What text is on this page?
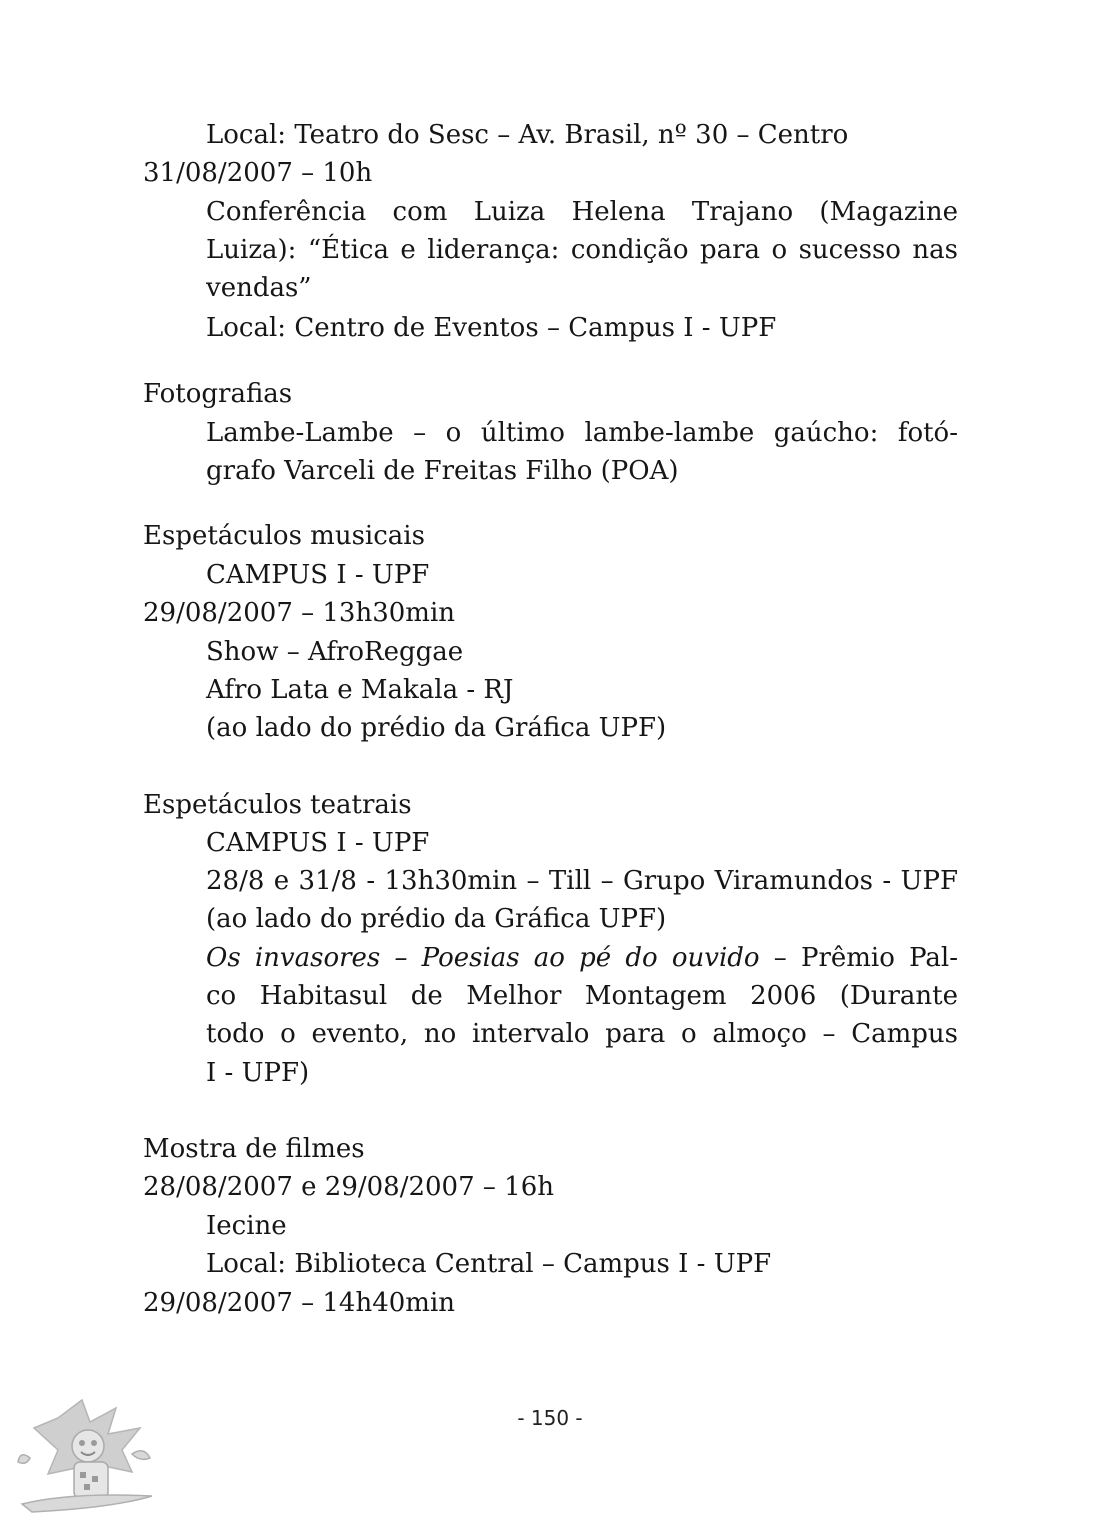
Local: Teatro do Sesc – Av. Brasil, nº 30 – Centro
31/08/2007 – 10h
Conferência com Luiza Helena Trajano (Magazine
Luiza): “Ética e liderança: condição para o sucesso nas
vendas”
Local: Centro de Eventos – Campus I - UPF
Fotografias
Lambe-Lambe – o último lambe-lambe gaúcho: fotó-
grafo Varceli de Freitas Filho (POA)
Espetáculos musicais
CAMPUS I - UPF
29/08/2007 – 13h30min
Show – AfroReggae
Afro Lata e Makala - RJ
(ao lado do prédio da Gráfica UPF)
Espetáculos teatrais
CAMPUS I - UPF
28/8 e 31/8 - 13h30min – Till – Grupo Viramundos - UPF
(ao lado do prédio da Gráfica UPF)
Os invasores – Poesias ao pé do ouvido – Prêmio Pal-
co Habitasul de Melhor Montagem 2006 (Durante
todo o evento, no intervalo para o almoço – Campus
I - UPF)
Mostra de filmes
28/08/2007 e 29/08/2007 – 16h
Iecine
Local: Biblioteca Central – Campus I - UPF
29/08/2007 – 14h40min
- 150 -
